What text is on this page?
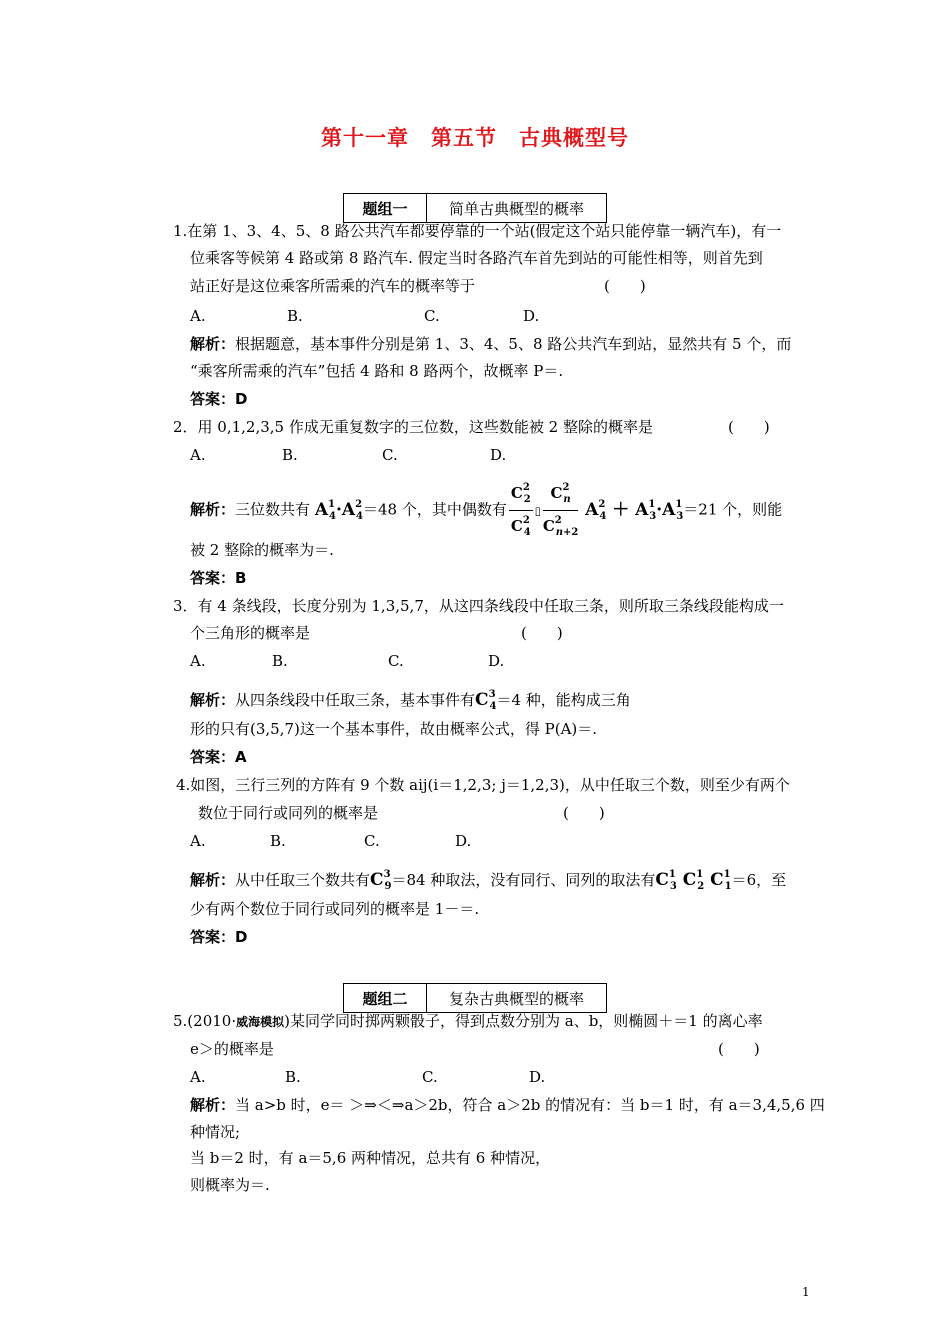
第十一章　第五节　古典概型号
题组一	简单古典概型的概率
1.在第 1、3、4、5、8 路公共汽车都要停靠的一个站(假定这个站只能停靠一辆汽车)，有一
位乘客等候第 4 路或第 8 路汽车. 假定当时各路汽车首先到站的可能性相等，则首先到
站正好是这位乘客所需乘的汽车的概率等于	(　　)
A.	B.	C.	D.
解析：根据题意，基本事件分别是第 1、3、4、5、8 路公共汽车到站，显然共有 5 个，而
“乘客所需乘的汽车”包括 4 路和 8 路两个，故概率 P＝.
答案：D
2．用 0,1,2,3,5 作成无重复数字的三位数，这些数能被 2 整除的概率是	(　　)
A.	B.	C.	D.
解析：三位数共有 $A^1_4\cdot A^2_4=48$ 个，其中偶数有 $\frac{C^2_2}{C^2_4}$ ▯ $\frac{C^2_n}{C^2_{n+2}} A^2_4 + A^1_3\cdot A^1_3=21$ 个，则能
被 2 整除的概率为＝.
答案：B
3．有 4 条线段，长度分别为 1,3,5,7，从这四条线段中任取三条，则所取三条线段能构成一
个三角形的概率是	(　　)
A.	B.	C.	D.
解析：从四条线段中任取三条，基本事件有$C^3_4=4$ 种，能构成三角
形的只有(3,5,7)这一个基本事件，故由概率公式，得 P(A)＝.
答案：A
4.如图，三行三列的方阵有 9 个数 aij(i＝1,2,3; j＝1,2,3)，从中任取三个数，则至少有两个
数位于同行或同列的概率是	(　　)
A.	B.	C.	D.
解析：从中任取三个数共有$C^3_9=84$ 种取法，没有同行、同列的取法有$C^1_3$ $C^1_2$ $C^1_1=6$，至
少有两个数位于同行或同列的概率是 1－＝.
答案：D
题组二	复杂古典概型的概率
5.(2010·威海模拟)某同学同时掷两颗骰子，得到点数分别为 a、b，则椭圆＋＝1 的离心率
e＞的概率是	(　　)
A.	B.	C.	D.
解析：当 a>b 时，e＝ ＞⇒＜⇒a＞2b，符合 a＞2b 的情况有：当 b＝1 时，有 a＝3,4,5,6 四
种情况;
当 b＝2 时，有 a＝5,6 两种情况，总共有 6 种情况，
则概率为＝.
1
